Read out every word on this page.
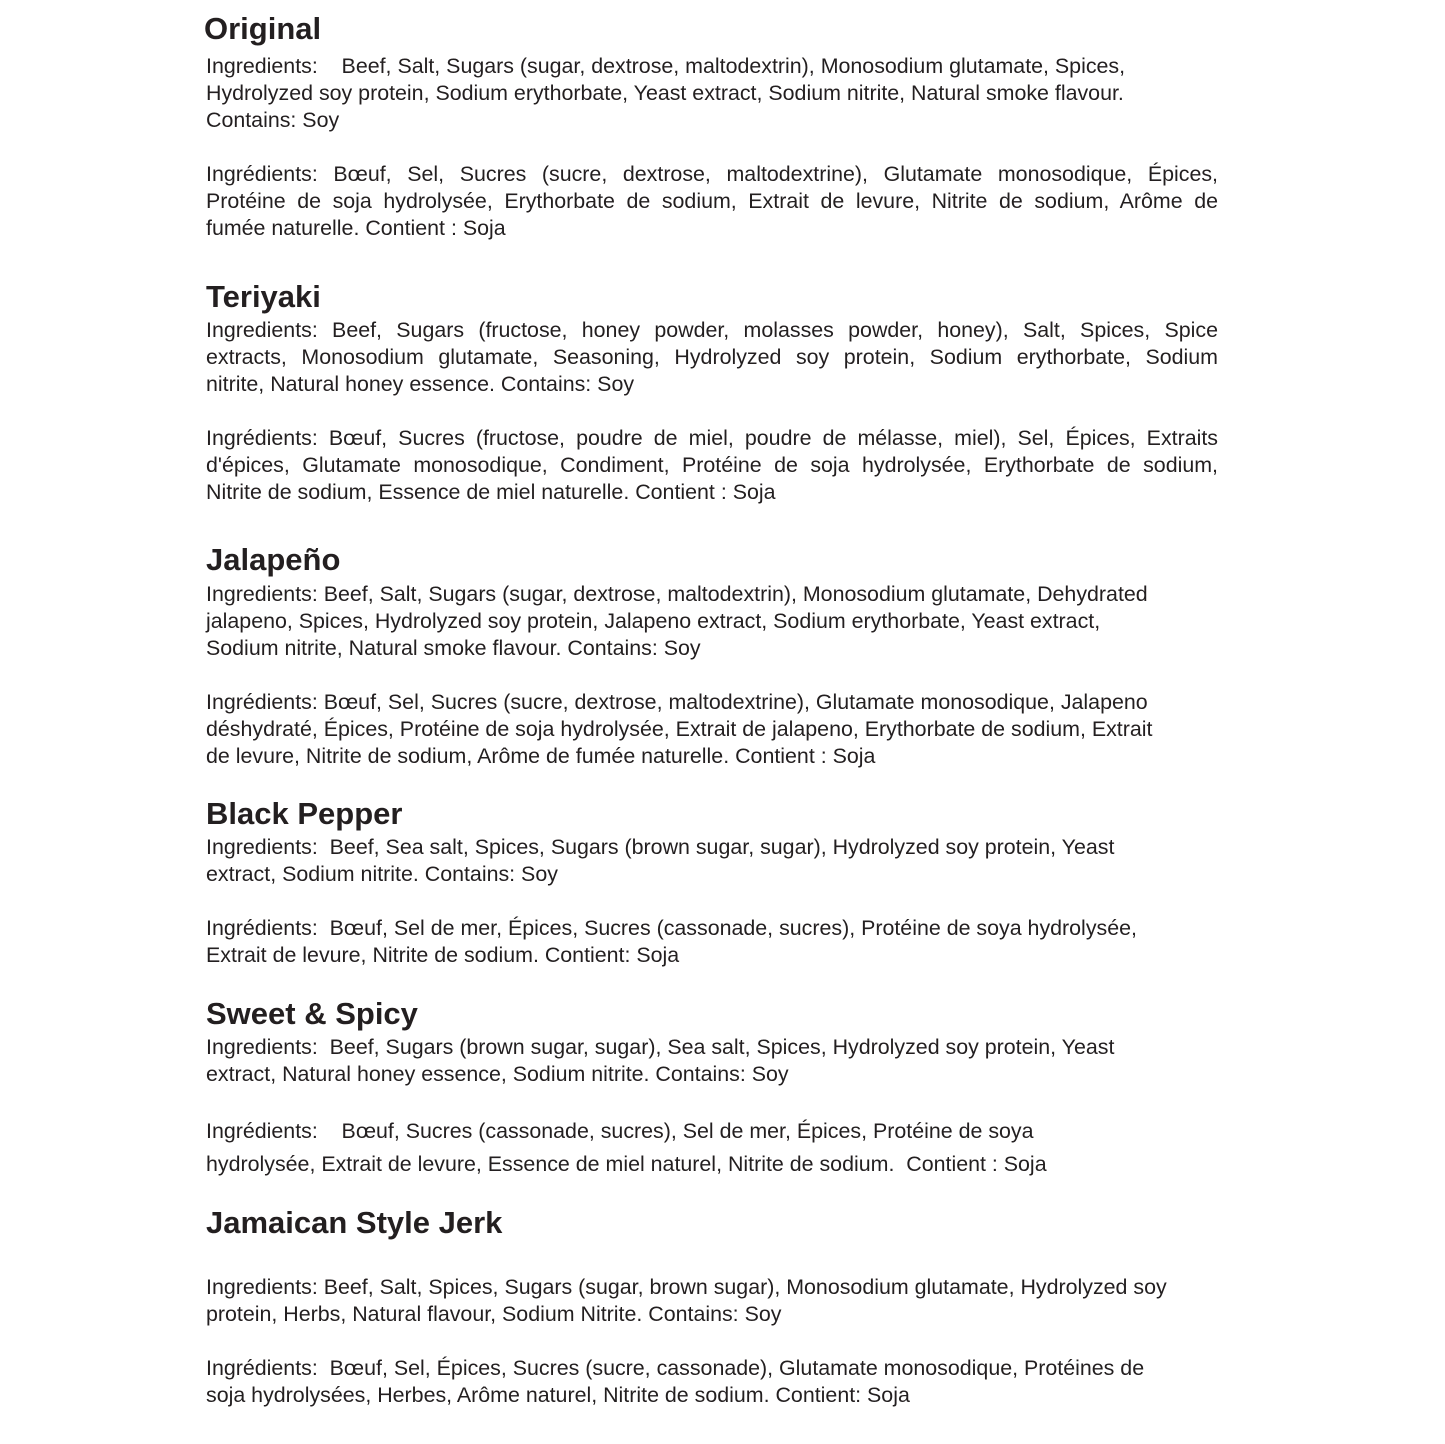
Original
Ingredients:    Beef, Salt, Sugars (sugar, dextrose, maltodextrin), Monosodium glutamate, Spices,
Hydrolyzed soy protein, Sodium erythorbate, Yeast extract, Sodium nitrite, Natural smoke flavour.
Contains: Soy
Ingrédients: Bœuf, Sel, Sucres (sucre, dextrose, maltodextrine), Glutamate monosodique, Épices,
Protéine de soja hydrolysée, Erythorbate de sodium, Extrait de levure, Nitrite de sodium, Arôme de
fumée naturelle. Contient : Soja
Teriyaki
Ingredients: Beef, Sugars (fructose, honey powder, molasses powder, honey), Salt, Spices, Spice
extracts, Monosodium glutamate, Seasoning, Hydrolyzed soy protein, Sodium erythorbate, Sodium
nitrite, Natural honey essence. Contains: Soy
Ingrédients: Bœuf, Sucres (fructose, poudre de miel, poudre de mélasse, miel), Sel, Épices, Extraits
d'épices, Glutamate monosodique, Condiment, Protéine de soja hydrolysée, Erythorbate de sodium,
Nitrite de sodium, Essence de miel naturelle. Contient : Soja
Jalapeño
Ingredients: Beef, Salt, Sugars (sugar, dextrose, maltodextrin), Monosodium glutamate, Dehydrated
jalapeno, Spices, Hydrolyzed soy protein, Jalapeno extract, Sodium erythorbate, Yeast extract,
Sodium nitrite, Natural smoke flavour. Contains: Soy
Ingrédients: Bœuf, Sel, Sucres (sucre, dextrose, maltodextrine), Glutamate monosodique, Jalapeno
déshydraté, Épices, Protéine de soja hydrolysée, Extrait de jalapeno, Erythorbate de sodium, Extrait
de levure, Nitrite de sodium, Arôme de fumée naturelle. Contient : Soja
Black Pepper
Ingredients:  Beef, Sea salt, Spices, Sugars (brown sugar, sugar), Hydrolyzed soy protein, Yeast
extract, Sodium nitrite. Contains: Soy
Ingrédients:  Bœuf, Sel de mer, Épices, Sucres (cassonade, sucres), Protéine de soya hydrolysée,
Extrait de levure, Nitrite de sodium. Contient: Soja
Sweet & Spicy
Ingredients:  Beef, Sugars (brown sugar, sugar), Sea salt, Spices, Hydrolyzed soy protein, Yeast
extract, Natural honey essence, Sodium nitrite. Contains: Soy
Ingrédients:    Bœuf, Sucres (cassonade, sucres), Sel de mer, Épices, Protéine de soya
hydrolysée, Extrait de levure, Essence de miel naturel, Nitrite de sodium.  Contient : Soja
Jamaican Style Jerk
Ingredients: Beef, Salt, Spices, Sugars (sugar, brown sugar), Monosodium glutamate, Hydrolyzed soy
protein, Herbs, Natural flavour, Sodium Nitrite. Contains: Soy
Ingrédients:  Bœuf, Sel, Épices, Sucres (sucre, cassonade), Glutamate monosodique, Protéines de
soja hydrolysées, Herbes, Arôme naturel, Nitrite de sodium. Contient: Soja
